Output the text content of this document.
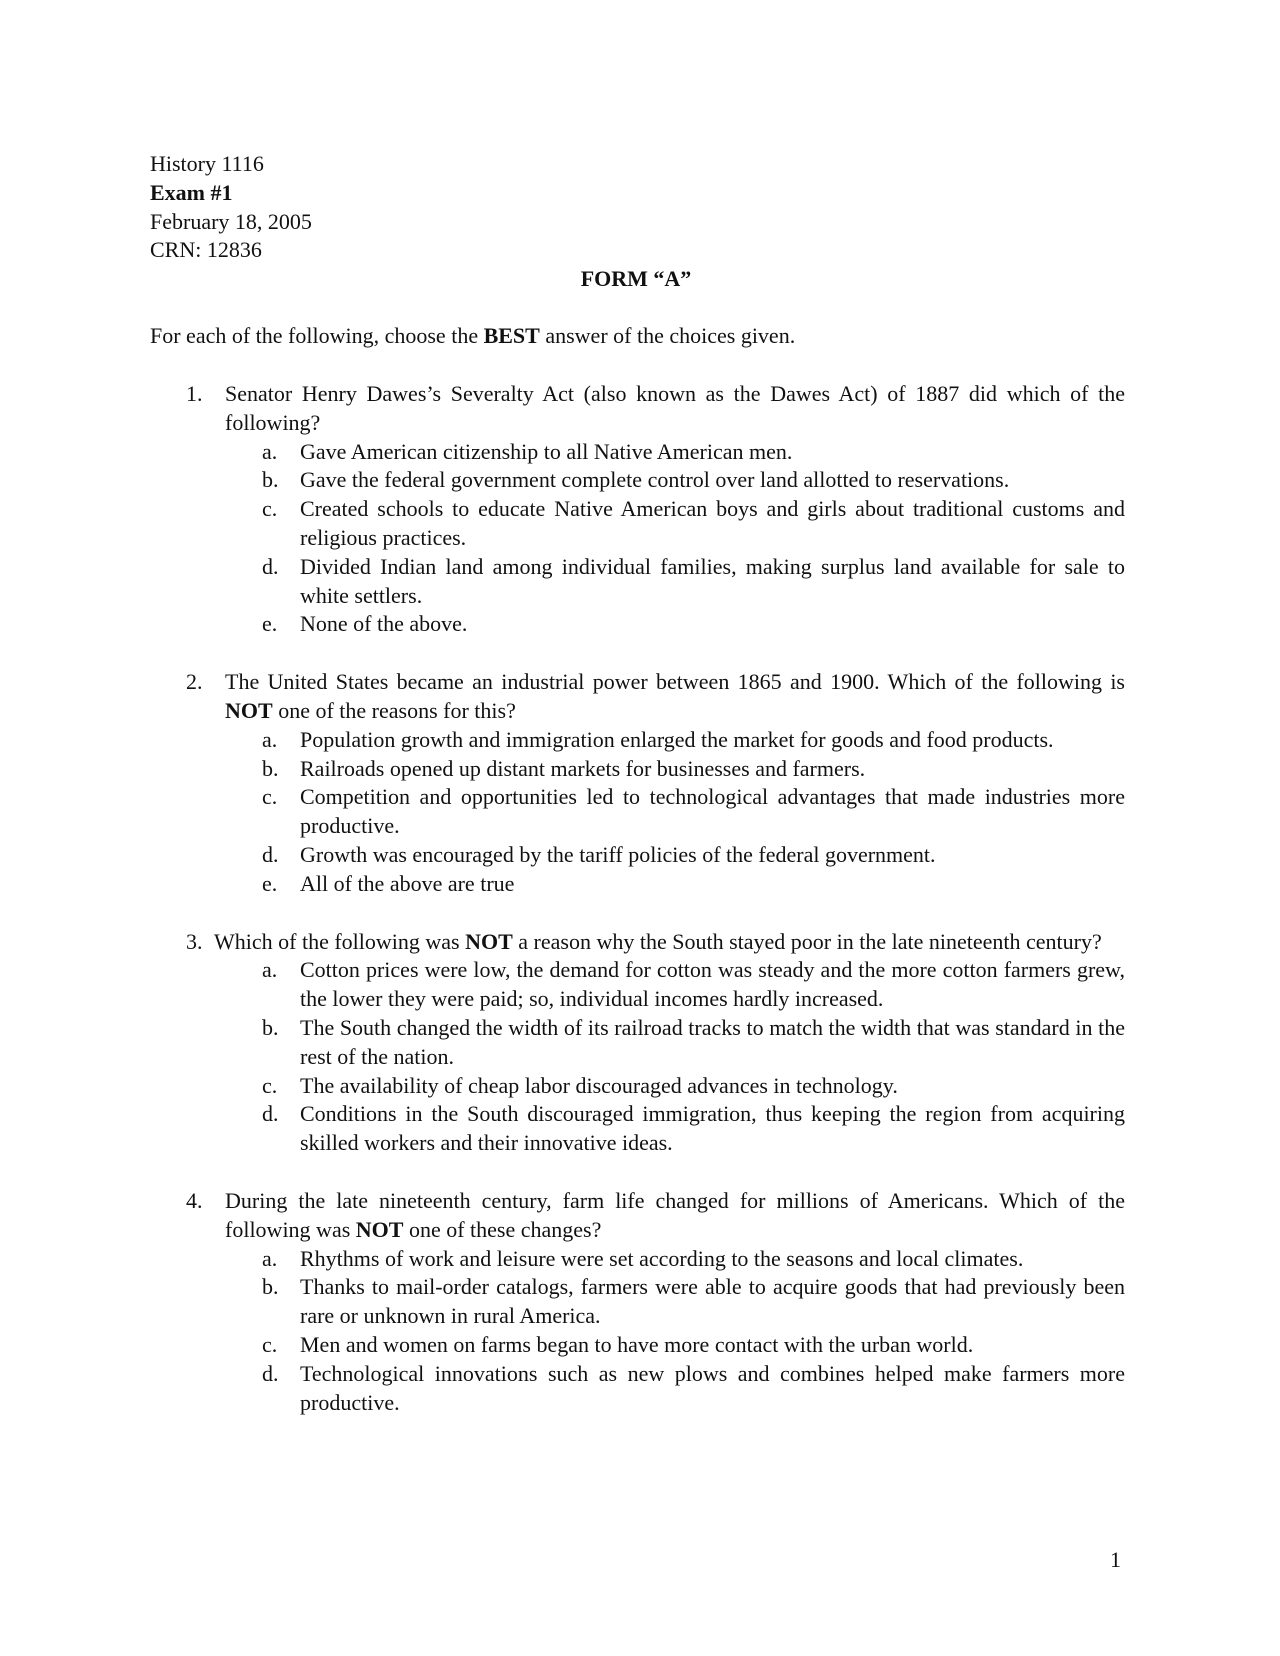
History 1116
Exam #1
February 18, 2005
CRN: 12836
FORM “A”
For each of the following, choose the BEST answer of the choices given.
1. Senator Henry Dawes’s Severalty Act (also known as the Dawes Act) of 1887 did which of the following?
a. Gave American citizenship to all Native American men.
b. Gave the federal government complete control over land allotted to reservations.
c. Created schools to educate Native American boys and girls about traditional customs and religious practices.
d. Divided Indian land among individual families, making surplus land available for sale to white settlers.
e. None of the above.
2. The United States became an industrial power between 1865 and 1900. Which of the following is NOT one of the reasons for this?
a. Population growth and immigration enlarged the market for goods and food products.
b. Railroads opened up distant markets for businesses and farmers.
c. Competition and opportunities led to technological advantages that made industries more productive.
d. Growth was encouraged by the tariff policies of the federal government.
e. All of the above are true
3. Which of the following was NOT a reason why the South stayed poor in the late nineteenth century?
a. Cotton prices were low, the demand for cotton was steady and the more cotton farmers grew, the lower they were paid; so, individual incomes hardly increased.
b. The South changed the width of its railroad tracks to match the width that was standard in the rest of the nation.
c. The availability of cheap labor discouraged advances in technology.
d. Conditions in the South discouraged immigration, thus keeping the region from acquiring skilled workers and their innovative ideas.
4. During the late nineteenth century, farm life changed for millions of Americans. Which of the following was NOT one of these changes?
a. Rhythms of work and leisure were set according to the seasons and local climates.
b. Thanks to mail-order catalogs, farmers were able to acquire goods that had previously been rare or unknown in rural America.
c. Men and women on farms began to have more contact with the urban world.
d. Technological innovations such as new plows and combines helped make farmers more productive.
1
